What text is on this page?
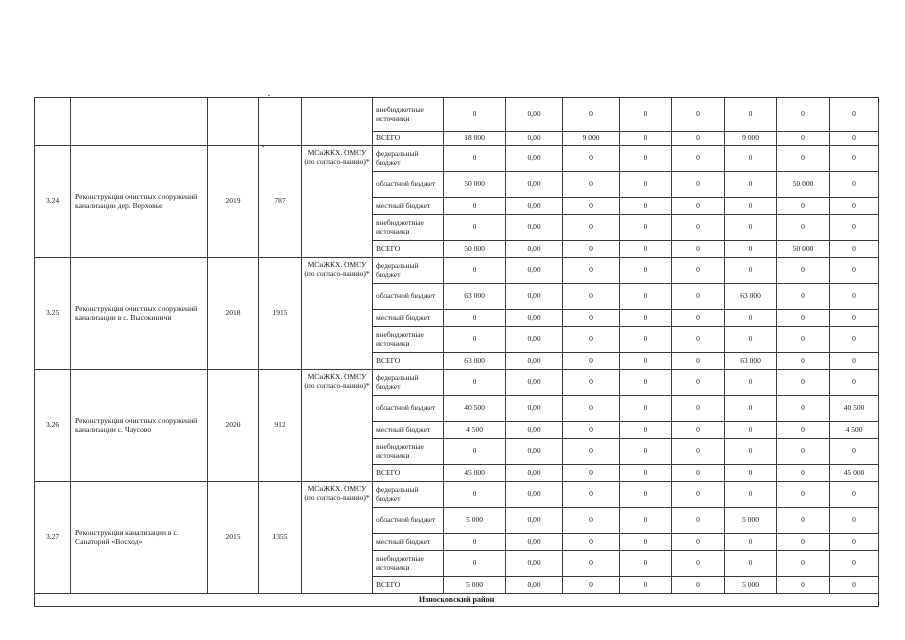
					внебюджетные источники	0	0,00	0	0	0	0	0	0
					ВСЕГО	18 000	0,00	9 000	0	0	9 000	0	0
3.24	Реконструкция очистных сооружений канализации дер. Верховье	2019	787	МСиЖКХ, ОМСУ (по согласо-ванию)*	федеральный бюджет	0	0,00	0	0	0	0	0	0
					областной бюджет	50 000	0,00	0	0	0	0	50 000	0
					местный бюджет	0	0,00	0	0	0	0	0	0
					внебюджетные источники	0	0,00	0	0	0	0	0	0
					ВСЕГО	50 000	0,00	0	0	0	0	50 000	0
3.25	Реконструкция очистных сооружений канализации в с. Высокиничи	2018	1915	МСиЖКХ, ОМСУ (по согласо-ванию)*	федеральный бюджет	0	0,00	0	0	0	0	0	0
					областной бюджет	63 000	0,00	0	0	0	63 000	0	0
					местный бюджет	0	0,00	0	0	0	0	0	0
					внебюджетные источники	0	0,00	0	0	0	0	0	0
					ВСЕГО	63 000	0,00	0	0	0	63 000	0	0
3.26	Реконструкция очистных сооружений канализации с. Чаусово	2020	912	МСиЖКХ, ОМСУ (по согласо-ванию)*	федеральный бюджет	0	0,00	0	0	0	0	0	0
					областной бюджет	40 500	0,00	0	0	0	0	0	40 500
					местный бюджет	4 500	0,00	0	0	0	0	0	4 500
					внебюджетные источники	0	0,00	0	0	0	0	0	0
					ВСЕГО	45 000	0,00	0	0	0	0	0	45 000
3.27	Реконструкция канализации в с. Санаторий «Восход»	2015	1355	МСиЖКХ, ОМСУ (по согласо-ванию)*	федеральный бюджет	0	0,00	0	0	0	0	0	0
					областной бюджет	5 000	0,00	0	0	0	5 000	0	0
					местный бюджет	0	0,00	0	0	0	0	0	0
					внебюджетные источники	0	0,00	0	0	0	0	0	0
					ВСЕГО	5 000	0,00	0	0	0	5 000	0	0
Износковский район													
